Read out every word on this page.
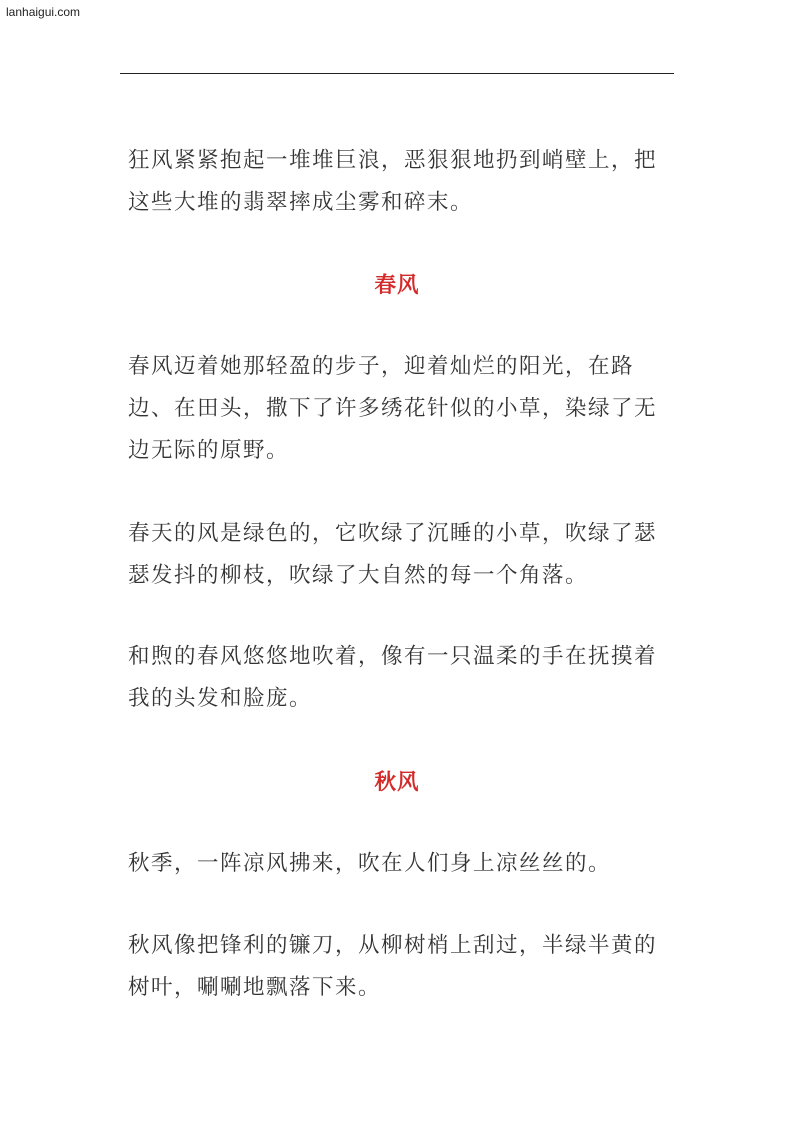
lanhaigui.com

狂风紧紧抱起一堆堆巨浪，恶狠狠地扔到峭壁上，把这些大堆的翡翠摔成尘雾和碎末。

春风

春风迈着她那轻盈的步子，迎着灿烂的阳光，在路边、在田头，撒下了许多绣花针似的小草，染绿了无边无际的原野。

春天的风是绿色的，它吹绿了沉睡的小草，吹绿了瑟瑟发抖的柳枝，吹绿了大自然的每一个角落。

和煦的春风悠悠地吹着，像有一只温柔的手在抚摸着我的头发和脸庞。

秋风

秋季，一阵凉风拂来，吹在人们身上凉丝丝的。

秋风像把锋利的镰刀，从柳树梢上刮过，半绿半黄的树叶，唰唰地飘落下来。
